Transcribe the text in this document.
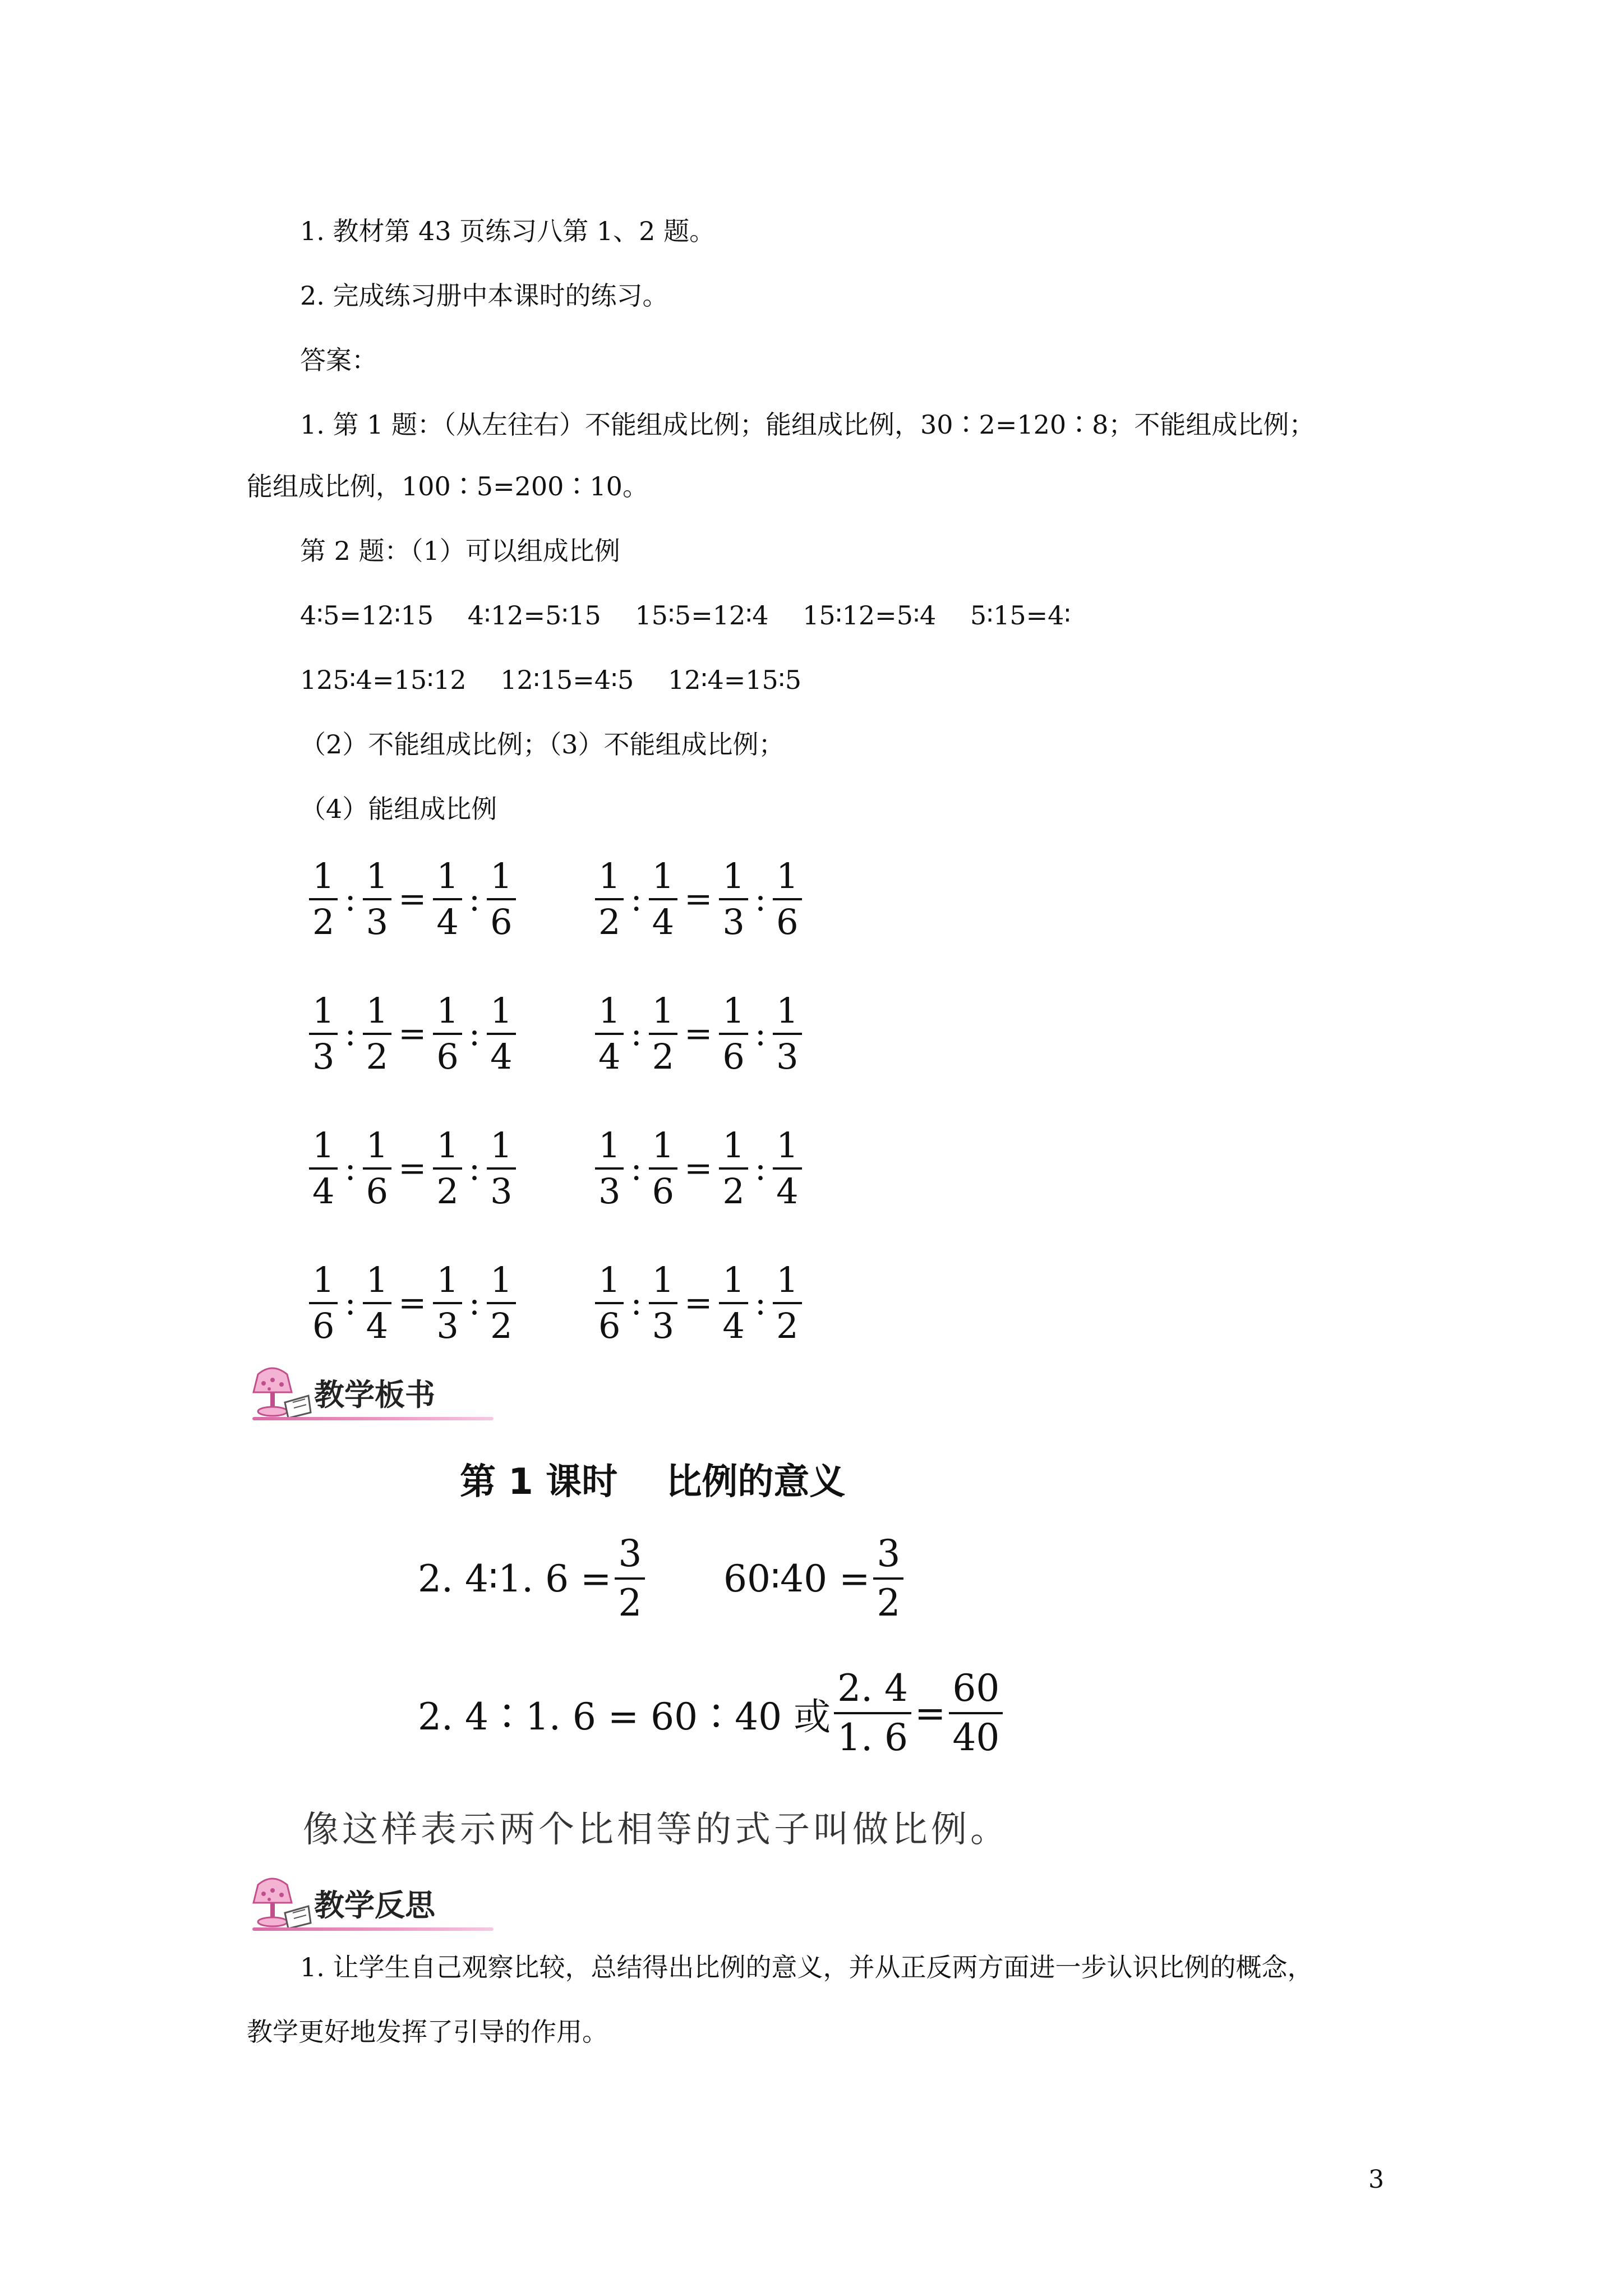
1. 教材第 43 页练习八第 1、2 题。
2. 完成练习册中本课时的练习。
答案：
1. 第 1 题：（从左往右）不能组成比例；能组成比例，30∶2=120∶8；不能组成比例；
能组成比例，100∶5=200∶10。
第 2 题：（1）可以组成比例
4∶5=12∶15　 4∶12=5∶15　 15∶5=12∶4　 15∶12=5∶4　 5∶15=4∶
125∶4=15∶12　 12∶15=4∶5　 12∶4=15∶5
（2）不能组成比例；（3）不能组成比例；
（4）能组成比例
$\frac{1}{2}$ : $\frac{1}{3} = \frac{1}{4}$ : $\frac{1}{6} \frac{1}{2}$ : $\frac{1}{4} = \frac{1}{3}$ : $\frac{1}{6}$
$\frac{1}{3}$ : $\frac{1}{2} = \frac{1}{6}$ : $\frac{1}{4} \frac{1}{4}$ : $\frac{1}{2} = \frac{1}{6}$ : $\frac{1}{3}$
$\frac{1}{4}$ : $\frac{1}{6} = \frac{1}{2}$ : $\frac{1}{3} \frac{1}{3}$ : $\frac{1}{6} = \frac{1}{2}$ : $\frac{1}{4}$
$\frac{1}{6}$ : $\frac{1}{4} = \frac{1}{3}$ : $\frac{1}{2} \frac{1}{6}$ : $\frac{1}{3} = \frac{1}{4}$ : $\frac{1}{2}$
教学板书
第 1 课时　 比例的意义
2. 4∶1. $6 = \frac{3}{2}$ 60∶40 = $\frac{3}{2}$
2. 4∶1. 6 = 60∶40 或 $\frac{2. 4}{1. 6} = \frac{60}{40}$
像这样表示两个比相等的式子叫做比例。
教学反思
1. 让学生自己观察比较，总结得出比例的意义，并从正反两方面进一步认识比例的概念，
教学更好地发挥了引导的作用。
3
